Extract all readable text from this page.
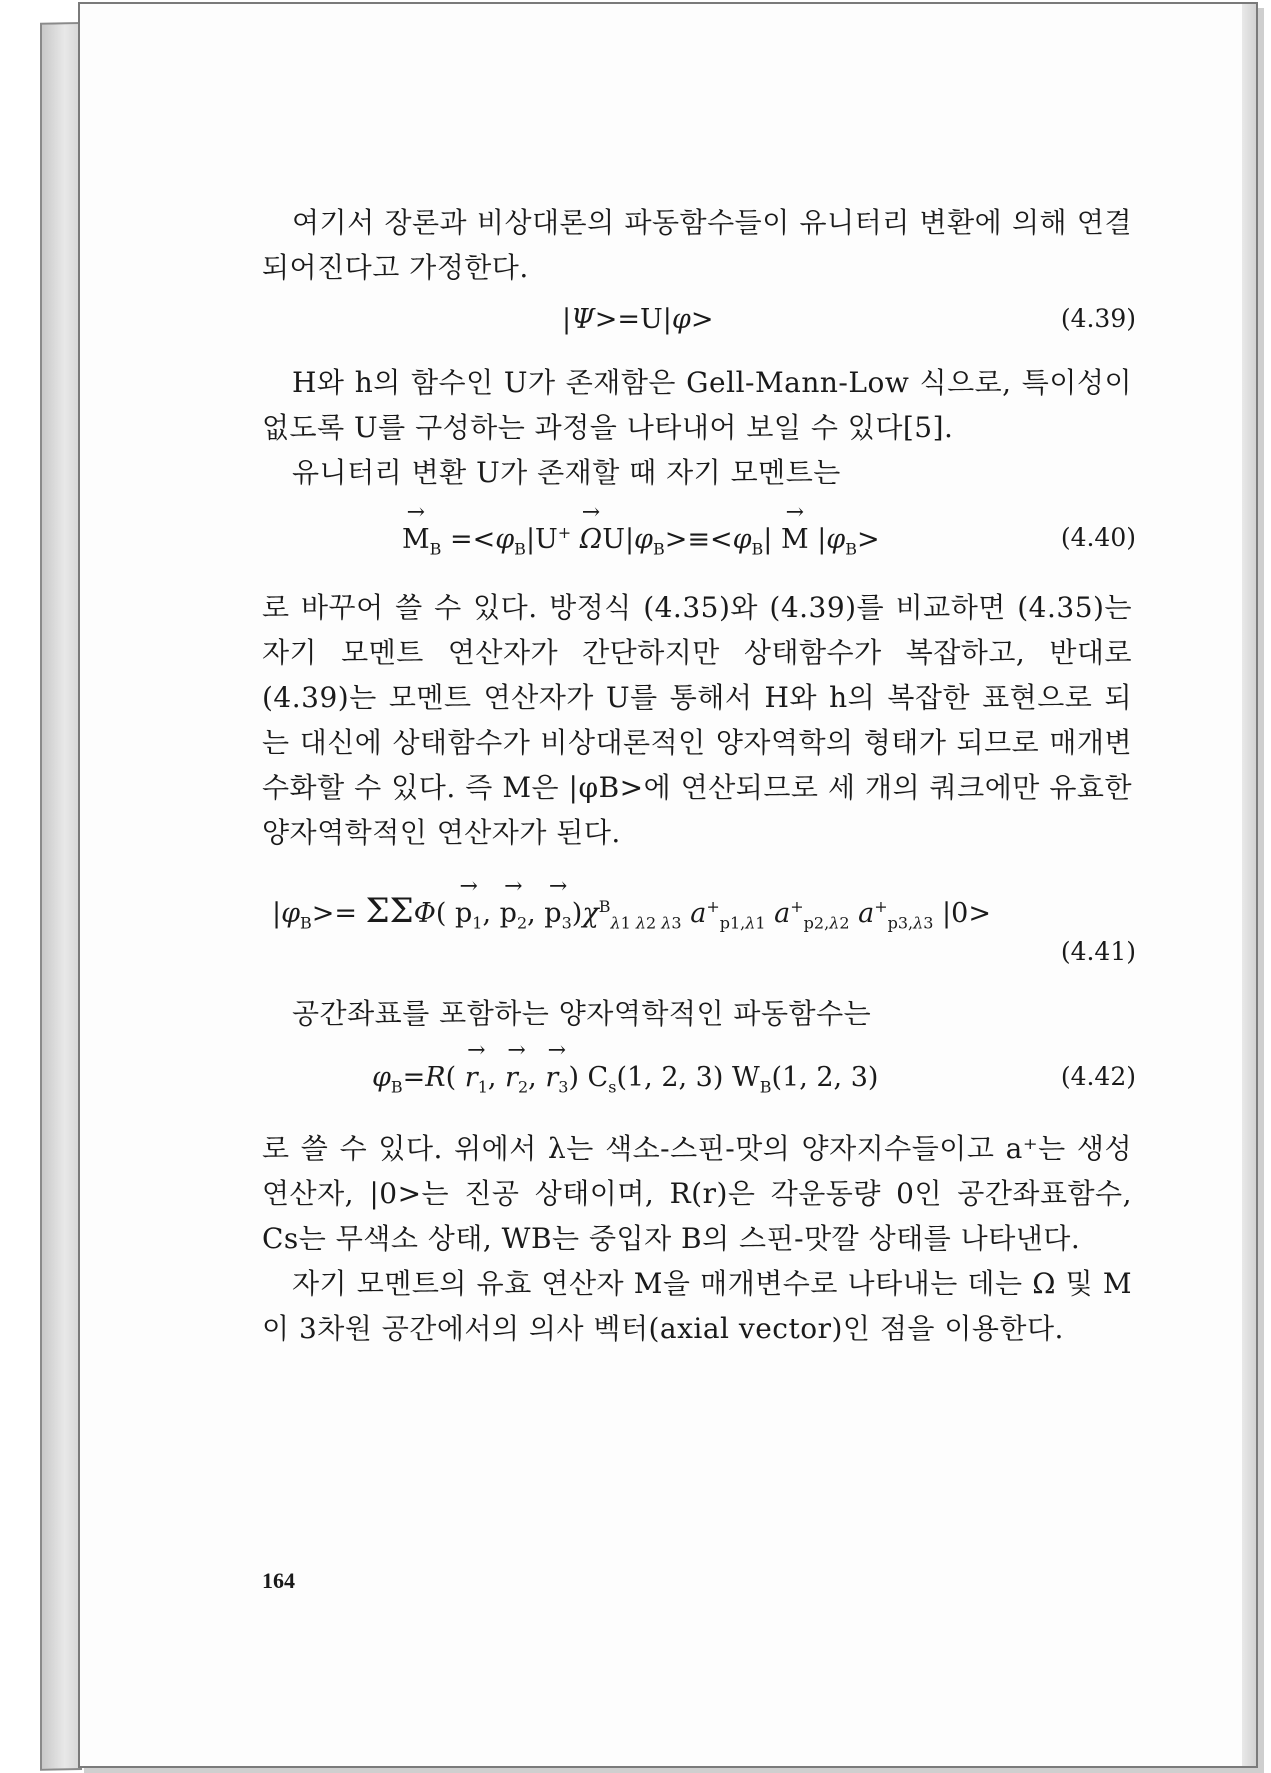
여기서 장론과 비상대론의 파동함수들이 유니터리 변환에 의해 연결되어진다고 가정한다.

|Ψ>=U|φ>	(4.39)

H와 h의 함수인 U가 존재함은 Gell-Mann-Low 식으로, 특이성이 없도록 U를 구성하는 과정을 나타내어 보일 수 있다[5].

유니터리 변환 U가 존재할 때 자기 모멘트는

→ $M_B =<\varphi_B|U^+ \to \Omega U|\varphi_B>\equiv<\varphi_B| \to M$ $|\varphi_B>$	(4.40)

로 바꾸어 쓸 수 있다. 방정식 (4.35)와 (4.39)를 비교하면 (4.35)는 자기 모멘트 연산자가 간단하지만 상태함수가 복잡하고, 반대로 (4.39)는 모멘트 연산자가 U를 통해서 H와 h의 복잡한 표현으로 되는 대신에 상태함수가 비상대론적인 양자역학의 형태가 되므로 매개변수화할 수 있다. 즉 M은 |φB>에 연산되므로 세 개의 쿼크에만 유효한 양자역학적인 연산자가 된다.

$|\varphi_B>= \Sigma\Sigma\Phi( \to p_1$, → $p_2$, → $p_3)\chi^B_{\lambda 1 \lambda 2 \lambda 3}$ $a^+_{p1,\lambda 1}$ $a^+_{p2,\lambda 2}$ $a^+_{p3,\lambda 3}$ |0>
(4.41)

공간좌표를 포함하는 양자역학적인 파동함수는

$\varphi_B=R( \to r_1$, → $r_2$, → $r_3$) $C_s(1$, 2, 3) $W_B(1$, 2, 3)	(4.42)

로 쓸 수 있다. 위에서 λ는 색소-스핀-맛의 양자지수들이고 a⁺는 생성 연산자, |0>는 진공 상태이며, R(r)은 각운동량 0인 공간좌표함수, Cs는 무색소 상태, WB는 중입자 B의 스핀-맛깔 상태를 나타낸다.

자기 모멘트의 유효 연산자 M을 매개변수로 나타내는 데는 Ω 및 M이 3차원 공간에서의 의사 벡터(axial vector)인 점을 이용한다.

164
